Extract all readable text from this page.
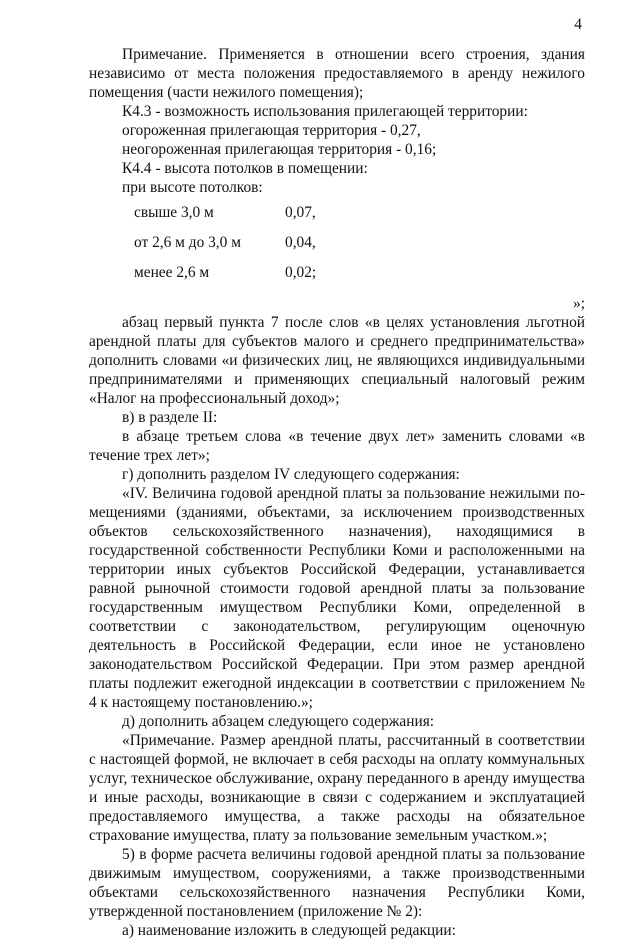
4

Примечание. Применяется в отношении всего строения, здания независимо от места положения предоставляемого в аренду нежилого помещения (части нежилого помещения);

К4.3 - возможность использования прилегающей территории:

огороженная прилегающая территория - 0,27,

неогороженная прилегающая территория - 0,16;

К4.4 - высота потолков в помещении:

при высоте потолков:

свыше 3,0 м	0,07,
от 2,6 м до 3,0 м	0,04,
менее 2,6 м	0,02;
»;

абзац первый пункта 7 после слов «в целях установления льготной арендной платы для субъектов малого и среднего предпринимательства» дополнить словами «и физических лиц, не являющихся индивидуальными предпринимателями и применяющих специальный налоговый режим «Налог на профессиональный доход»;

в) в разделе II:

в абзаце третьем слова «в течение двух лет» заменить словами «в течение трех лет»;

г) дополнить разделом IV следующего содержания:

«IV. Величина годовой арендной платы за пользование нежилыми помещениями (зданиями, объектами, за исключением производственных объектов сельскохозяйственного назначения), находящимися в государственной собственности Республики Коми и расположенными на территории иных субъектов Российской Федерации, устанавливается равной рыночной стоимости годовой арендной платы за пользование государственным имуществом Республики Коми, определенной в соответствии с законодательством, регулирующим оценочную деятельность в Российской Федерации, если иное не установлено законодательством Российской Федерации. При этом размер арендной платы подлежит ежегодной индексации в соответствии с приложением № 4 к настоящему постановлению.»;

д) дополнить абзацем следующего содержания:

«Примечание. Размер арендной платы, рассчитанный в соответствии с настоящей формой, не включает в себя расходы на оплату коммунальных услуг, техническое обслуживание, охрану переданного в аренду имущества и иные расходы, возникающие в связи с содержанием и эксплуатацией предоставляемого имущества, а также расходы на обязательное страхование имущества, плату за пользование земельным участком.»;

5) в форме расчета величины годовой арендной платы за пользование движимым имуществом, сооружениями, а также производственными объектами сельскохозяйственного назначения Республики Коми, утвержденной постановлением (приложение № 2):

а) наименование изложить в следующей редакции:
